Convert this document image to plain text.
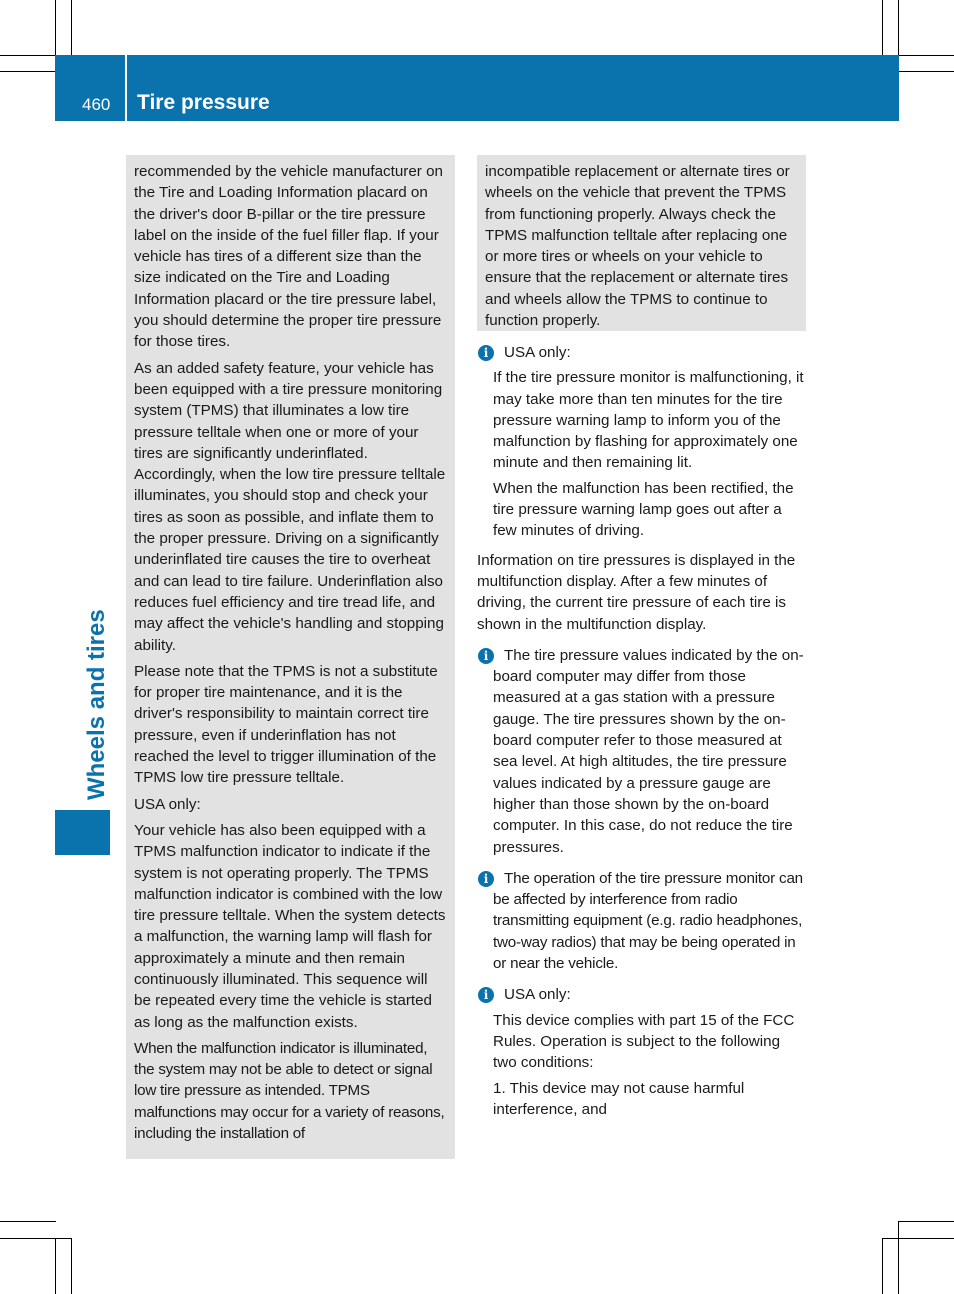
460 Tire pressure
Wheels and tires

recommended by the vehicle manufacturer on the Tire and Loading Information placard on the driver's door B-pillar or the tire pressure label on the inside of the fuel filler flap. If your vehicle has tires of a different size than the size indicated on the Tire and Loading Information placard or the tire pressure label, you should determine the proper tire pressure for those tires.

As an added safety feature, your vehicle has been equipped with a tire pressure monitoring system (TPMS) that illuminates a low tire pressure telltale when one or more of your tires are significantly underinflated. Accordingly, when the low tire pressure telltale illuminates, you should stop and check your tires as soon as possible, and inflate them to the proper pressure. Driving on a significantly underinflated tire causes the tire to overheat and can lead to tire failure. Underinflation also reduces fuel efficiency and tire tread life, and may affect the vehicle's handling and stopping ability.

Please note that the TPMS is not a substitute for proper tire maintenance, and it is the driver's responsibility to maintain correct tire pressure, even if underinflation has not reached the level to trigger illumination of the TPMS low tire pressure telltale.

USA only:

Your vehicle has also been equipped with a TPMS malfunction indicator to indicate if the system is not operating properly. The TPMS malfunction indicator is combined with the low tire pressure telltale. When the system detects a malfunction, the warning lamp will flash for approximately a minute and then remain continuously illuminated. This sequence will be repeated every time the vehicle is started as long as the malfunction exists.

When the malfunction indicator is illuminated, the system may not be able to detect or signal low tire pressure as intended. TPMS malfunctions may occur for a variety of reasons, including the installation of

incompatible replacement or alternate tires or wheels on the vehicle that prevent the TPMS from functioning properly. Always check the TPMS malfunction telltale after replacing one or more tires or wheels on your vehicle to ensure that the replacement or alternate tires and wheels allow the TPMS to continue to function properly.

i	USA only:

If the tire pressure monitor is malfunctioning, it may take more than ten minutes for the tire pressure warning lamp to inform you of the malfunction by flashing for approximately one minute and then remaining lit.

When the malfunction has been rectified, the tire pressure warning lamp goes out after a few minutes of driving.

Information on tire pressures is displayed in the multifunction display. After a few minutes of driving, the current tire pressure of each tire is shown in the multifunction display.

i	The tire pressure values indicated by the on-board computer may differ from those measured at a gas station with a pressure gauge. The tire pressures shown by the on-board computer refer to those measured at sea level. At high altitudes, the tire pressure values indicated by a pressure gauge are higher than those shown by the on-board computer. In this case, do not reduce the tire pressures.

i	The operation of the tire pressure monitor can be affected by interference from radio transmitting equipment (e.g. radio headphones, two-way radios) that may be being operated in or near the vehicle.

i	USA only:

This device complies with part 15 of the FCC Rules. Operation is subject to the following two conditions:

1. This device may not cause harmful interference, and
